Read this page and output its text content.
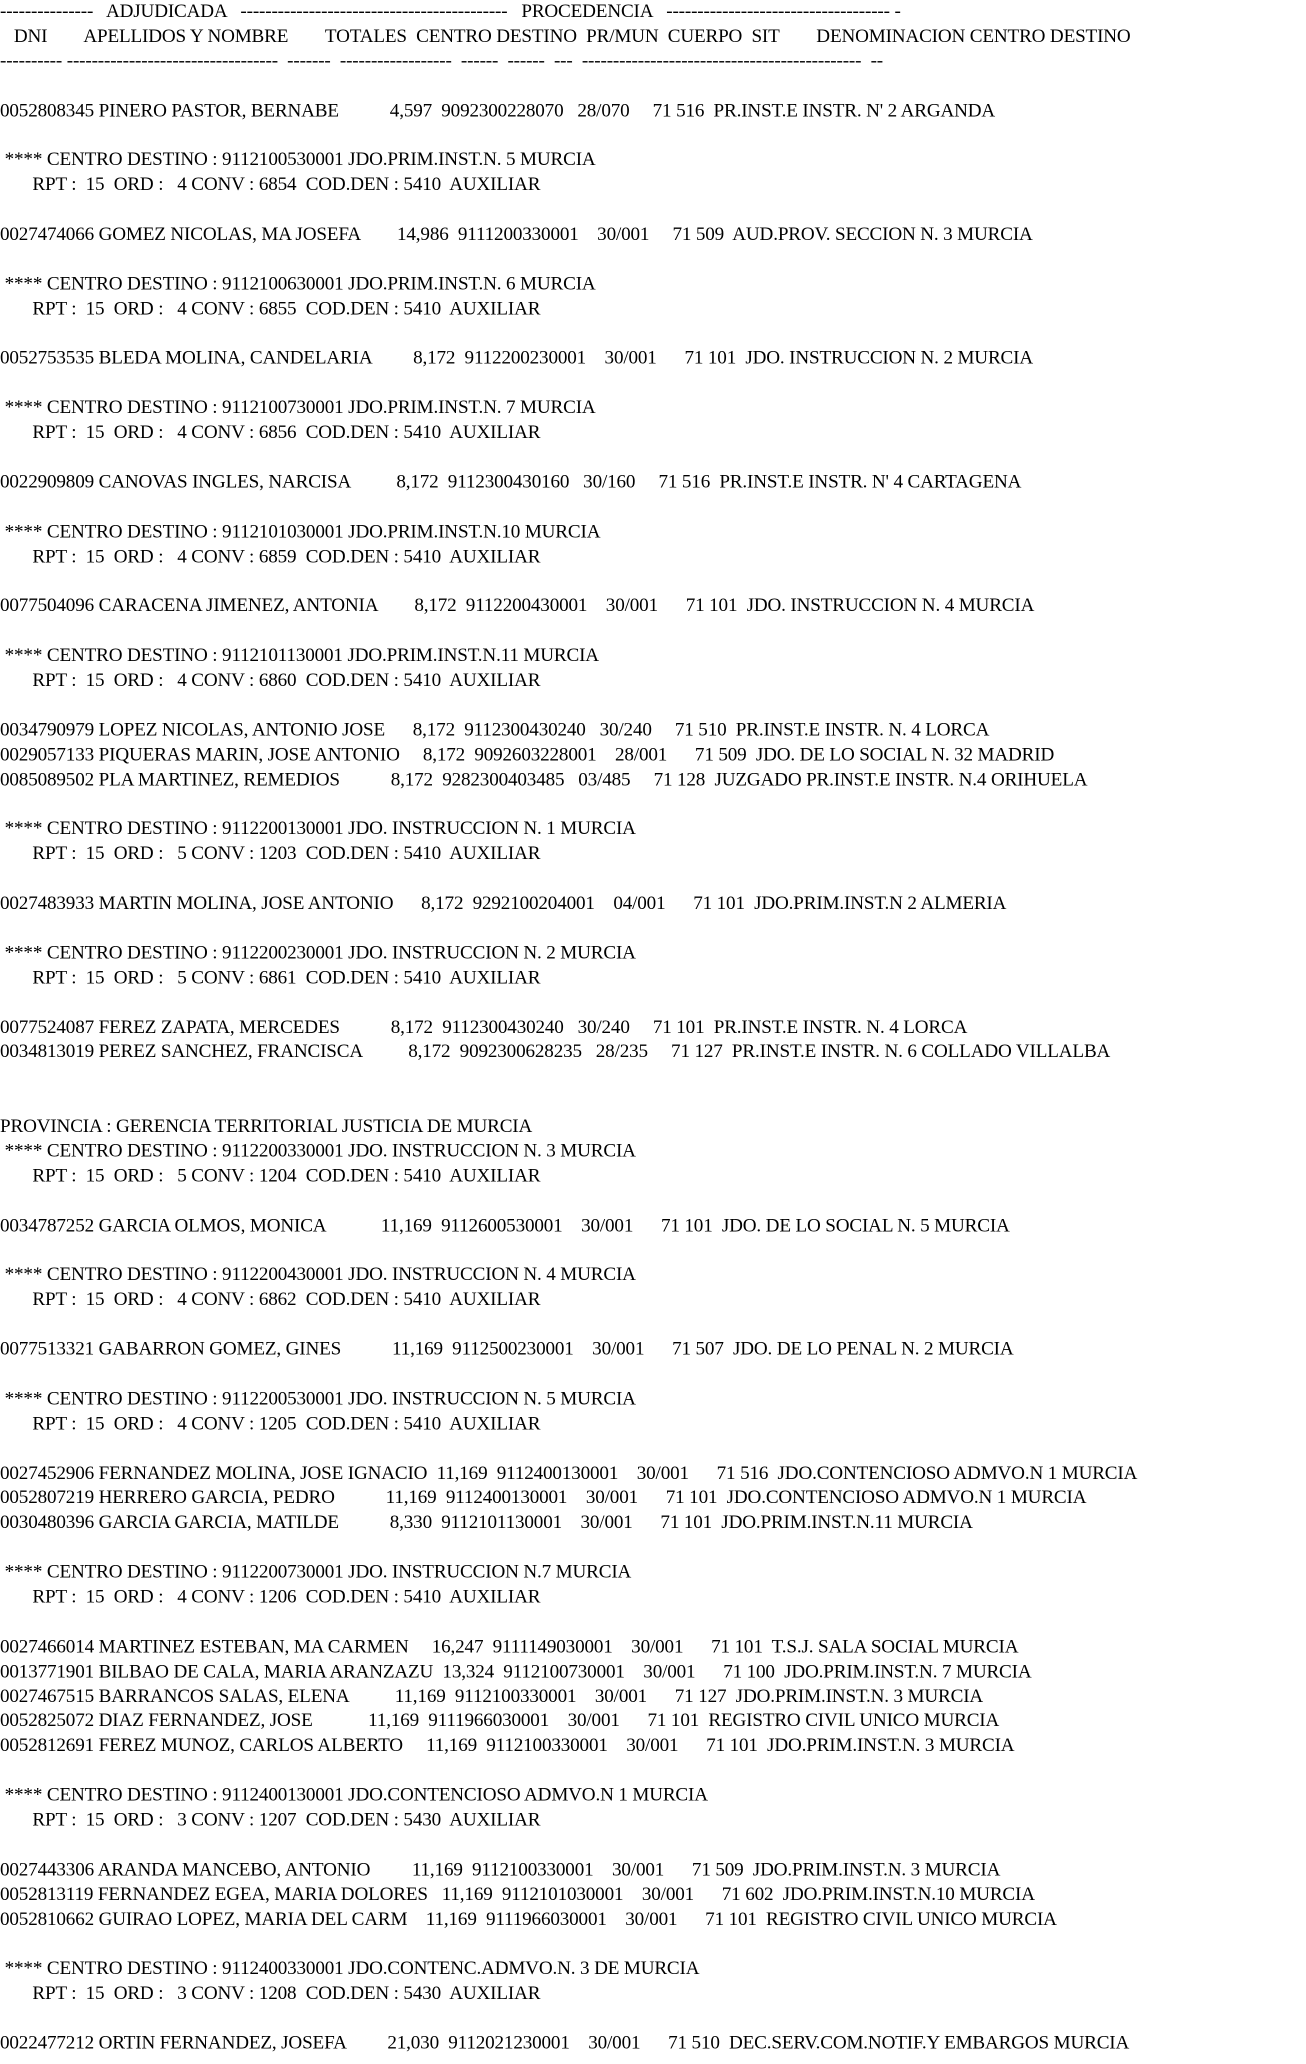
---------------   ADJUDICADA   -------------------------------------------   PROCEDENCIA   ------------------------------------ -
DNI        APELLIDOS Y NOMBRE        TOTALES  CENTRO DESTINO  PR/MUN  CUERPO  SIT        DENOMINACION CENTRO DESTINO
---------- ----------------------------------  -------  ------------------  ------  ------  ---  ---------------------------------------------  --
0052808345 PINERO PASTOR, BERNABE           4,597  9092300228070   28/070     71 516  PR.INST.E INSTR. N' 2 ARGANDA
**** CENTRO DESTINO : 9112100530001 JDO.PRIM.INST.N. 5 MURCIA
RPT :  15  ORD :   4 CONV : 6854  COD.DEN : 5410  AUXILIAR
0027474066 GOMEZ NICOLAS, MA JOSEFA        14,986  9111200330001    30/001     71 509  AUD.PROV. SECCION N. 3 MURCIA
**** CENTRO DESTINO : 9112100630001 JDO.PRIM.INST.N. 6 MURCIA
RPT :  15  ORD :   4 CONV : 6855  COD.DEN : 5410  AUXILIAR
0052753535 BLEDA MOLINA, CANDELARIA         8,172  9112200230001    30/001      71 101  JDO. INSTRUCCION N. 2 MURCIA
**** CENTRO DESTINO : 9112100730001 JDO.PRIM.INST.N. 7 MURCIA
RPT :  15  ORD :   4 CONV : 6856  COD.DEN : 5410  AUXILIAR
0022909809 CANOVAS INGLES, NARCISA          8,172  9112300430160   30/160     71 516  PR.INST.E INSTR. N' 4 CARTAGENA
**** CENTRO DESTINO : 9112101030001 JDO.PRIM.INST.N.10 MURCIA
RPT :  15  ORD :   4 CONV : 6859  COD.DEN : 5410  AUXILIAR
0077504096 CARACENA JIMENEZ, ANTONIA        8,172  9112200430001    30/001      71 101  JDO. INSTRUCCION N. 4 MURCIA
**** CENTRO DESTINO : 9112101130001 JDO.PRIM.INST.N.11 MURCIA
RPT :  15  ORD :   4 CONV : 6860  COD.DEN : 5410  AUXILIAR
0034790979 LOPEZ NICOLAS, ANTONIO JOSE      8,172  9112300430240   30/240     71 510  PR.INST.E INSTR. N. 4 LORCA
0029057133 PIQUERAS MARIN, JOSE ANTONIO     8,172  9092603228001    28/001      71 509  JDO. DE LO SOCIAL N. 32 MADRID
0085089502 PLA MARTINEZ, REMEDIOS           8,172  9282300403485   03/485     71 128  JUZGADO PR.INST.E INSTR. N.4 ORIHUELA
**** CENTRO DESTINO : 9112200130001 JDO. INSTRUCCION N. 1 MURCIA
RPT :  15  ORD :   5 CONV : 1203  COD.DEN : 5410  AUXILIAR
0027483933 MARTIN MOLINA, JOSE ANTONIO      8,172  9292100204001    04/001      71 101  JDO.PRIM.INST.N 2 ALMERIA
**** CENTRO DESTINO : 9112200230001 JDO. INSTRUCCION N. 2 MURCIA
RPT :  15  ORD :   5 CONV : 6861  COD.DEN : 5410  AUXILIAR
0077524087 FEREZ ZAPATA, MERCEDES           8,172  9112300430240   30/240     71 101  PR.INST.E INSTR. N. 4 LORCA
0034813019 PEREZ SANCHEZ, FRANCISCA          8,172  9092300628235   28/235     71 127  PR.INST.E INSTR. N. 6 COLLADO VILLALBA
PROVINCIA : GERENCIA TERRITORIAL JUSTICIA DE MURCIA
**** CENTRO DESTINO : 9112200330001 JDO. INSTRUCCION N. 3 MURCIA
RPT :  15  ORD :   5 CONV : 1204  COD.DEN : 5410  AUXILIAR
0034787252 GARCIA OLMOS, MONICA            11,169  9112600530001    30/001      71 101  JDO. DE LO SOCIAL N. 5 MURCIA
**** CENTRO DESTINO : 9112200430001 JDO. INSTRUCCION N. 4 MURCIA
RPT :  15  ORD :   4 CONV : 6862  COD.DEN : 5410  AUXILIAR
0077513321 GABARRON GOMEZ, GINES           11,169  9112500230001    30/001      71 507  JDO. DE LO PENAL N. 2 MURCIA
**** CENTRO DESTINO : 9112200530001 JDO. INSTRUCCION N. 5 MURCIA
RPT :  15  ORD :   4 CONV : 1205  COD.DEN : 5410  AUXILIAR
0027452906 FERNANDEZ MOLINA, JOSE IGNACIO  11,169  9112400130001    30/001      71 516  JDO.CONTENCIOSO ADMVO.N 1 MURCIA
0052807219 HERRERO GARCIA, PEDRO           11,169  9112400130001    30/001      71 101  JDO.CONTENCIOSO ADMVO.N 1 MURCIA
0030480396 GARCIA GARCIA, MATILDE           8,330  9112101130001    30/001      71 101  JDO.PRIM.INST.N.11 MURCIA
**** CENTRO DESTINO : 9112200730001 JDO. INSTRUCCION N.7 MURCIA
RPT :  15  ORD :   4 CONV : 1206  COD.DEN : 5410  AUXILIAR
0027466014 MARTINEZ ESTEBAN, MA CARMEN     16,247  9111149030001    30/001      71 101  T.S.J. SALA SOCIAL MURCIA
0013771901 BILBAO DE CALA, MARIA ARANZAZU  13,324  9112100730001    30/001      71 100  JDO.PRIM.INST.N. 7 MURCIA
0027467515 BARRANCOS SALAS, ELENA          11,169  9112100330001    30/001      71 127  JDO.PRIM.INST.N. 3 MURCIA
0052825072 DIAZ FERNANDEZ, JOSE            11,169  9111966030001    30/001      71 101  REGISTRO CIVIL UNICO MURCIA
0052812691 FEREZ MUNOZ, CARLOS ALBERTO     11,169  9112100330001    30/001      71 101  JDO.PRIM.INST.N. 3 MURCIA
**** CENTRO DESTINO : 9112400130001 JDO.CONTENCIOSO ADMVO.N 1 MURCIA
RPT :  15  ORD :   3 CONV : 1207  COD.DEN : 5430  AUXILIAR
0027443306 ARANDA MANCEBO, ANTONIO         11,169  9112100330001    30/001      71 509  JDO.PRIM.INST.N. 3 MURCIA
0052813119 FERNANDEZ EGEA, MARIA DOLORES   11,169  9112101030001    30/001      71 602  JDO.PRIM.INST.N.10 MURCIA
0052810662 GUIRAO LOPEZ, MARIA DEL CARM    11,169  9111966030001    30/001      71 101  REGISTRO CIVIL UNICO MURCIA
**** CENTRO DESTINO : 9112400330001 JDO.CONTENC.ADMVO.N. 3 DE MURCIA
RPT :  15  ORD :   3 CONV : 1208  COD.DEN : 5430  AUXILIAR
0022477212 ORTIN FERNANDEZ, JOSEFA         21,030  9112021230001    30/001      71 510  DEC.SERV.COM.NOTIF.Y EMBARGOS MURCIA
